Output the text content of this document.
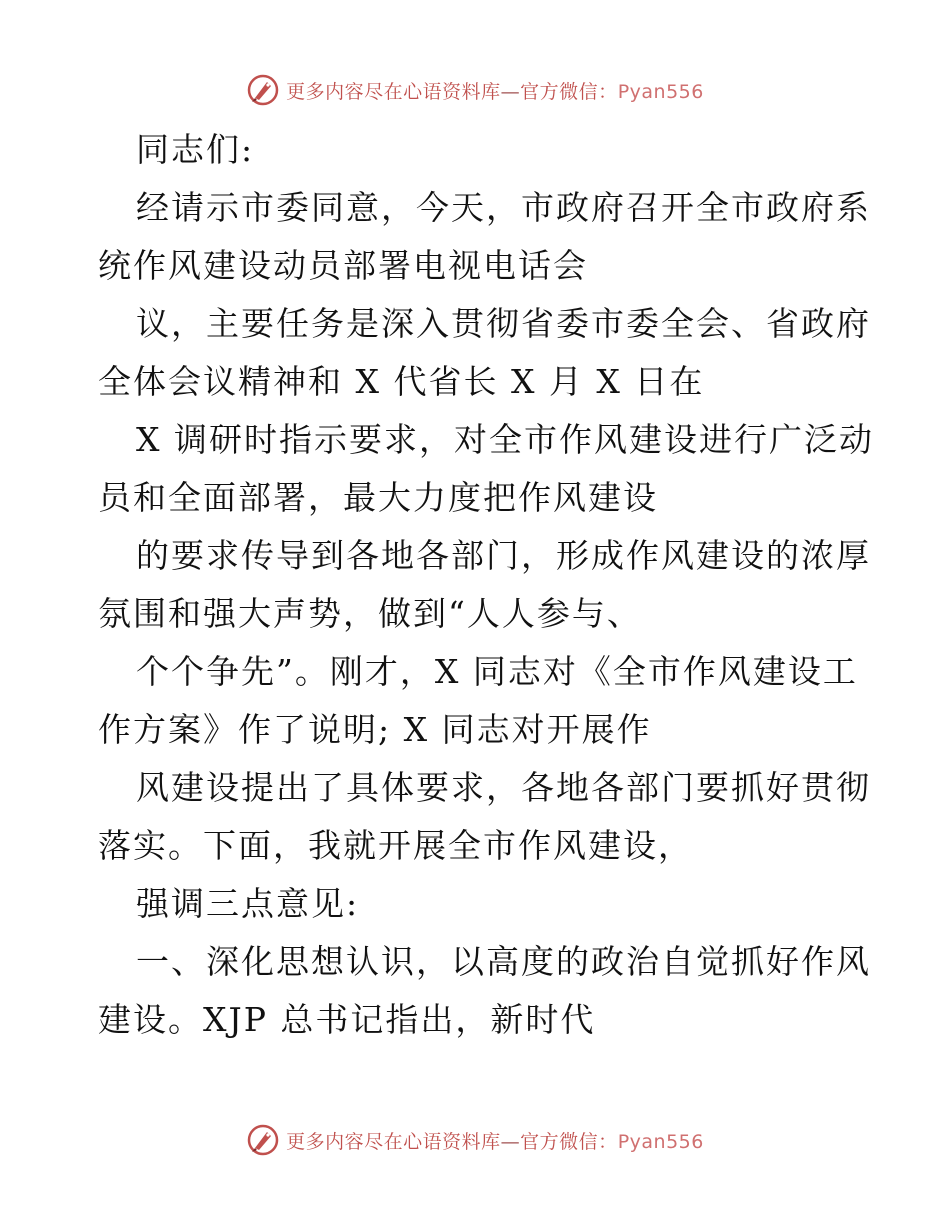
更多内容尽在心语资料库—官方微信：Pyan556
同志们:
经请示市委同意，今天，市政府召开全市政府系
统作风建设动员部署电视电话会
议，主要任务是深入贯彻省委市委全会、省政府
全体会议精神和 X 代省长 X 月 X 日在
X 调研时指示要求，对全市作风建设进行广泛动
员和全面部署，最大力度把作风建设
的要求传导到各地各部门，形成作风建设的浓厚
氛围和强大声势，做到“人人参与、
个个争先”。刚才，X 同志对《全市作风建设工
作方案》作了说明; X 同志对开展作
风建设提出了具体要求，各地各部门要抓好贯彻
落实。下面，我就开展全市作风建设，
强调三点意见:
一、深化思想认识，以高度的政治自觉抓好作风
建设。XJP 总书记指出，新时代
更多内容尽在心语资料库—官方微信：Pyan556
